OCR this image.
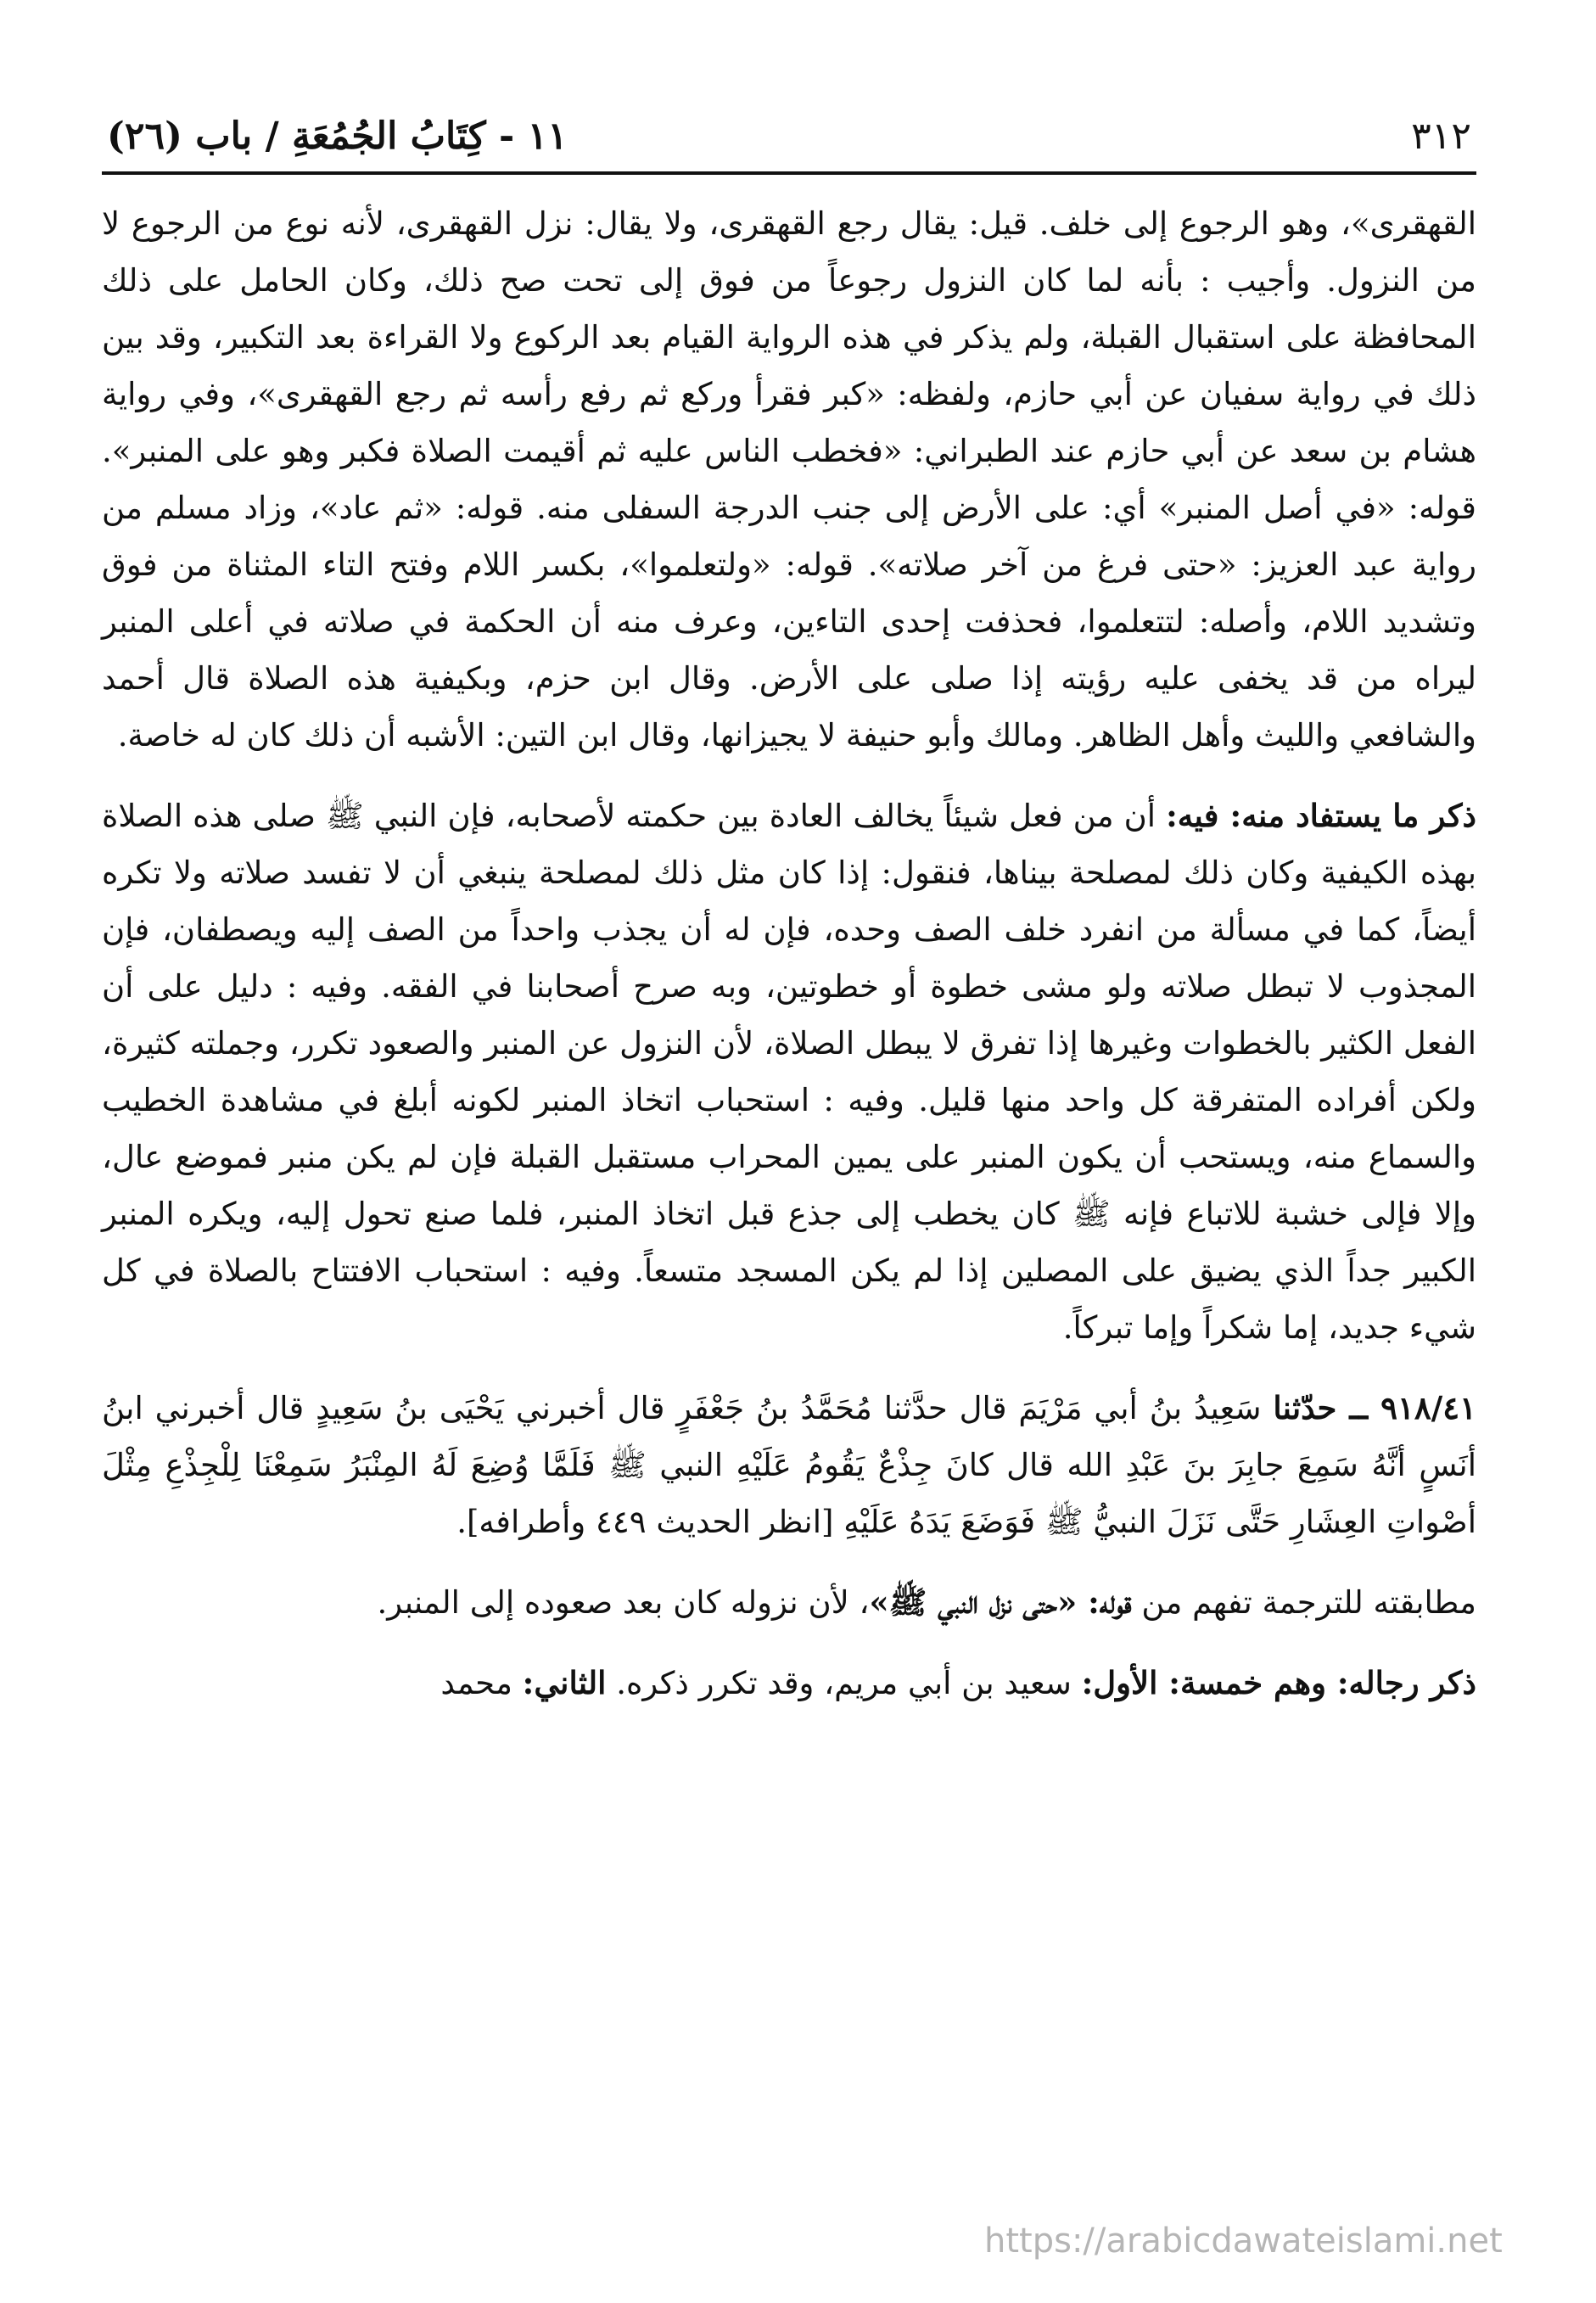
٣١٢
١١ - كِتَابُ الجُمُعَةِ / باب (٢٦)

القهقرى»، وهو الرجوع إلى خلف. قيل: يقال رجع القهقرى، ولا يقال: نزل القهقرى، لأنه نوع من الرجوع لا من النزول. وأجيب : بأنه لما كان النزول رجوعاً من فوق إلى تحت صح ذلك، وكان الحامل على ذلك المحافظة على استقبال القبلة، ولم يذكر في هذه الرواية القيام بعد الركوع ولا القراءة بعد التكبير، وقد بين ذلك في رواية سفيان عن أبي حازم، ولفظه: «كبر فقرأ وركع ثم رفع رأسه ثم رجع القهقرى»، وفي رواية هشام بن سعد عن أبي حازم عند الطبراني: «فخطب الناس عليه ثم أقيمت الصلاة فكبر وهو على المنبر». قوله: «في أصل المنبر» أي: على الأرض إلى جنب الدرجة السفلى منه. قوله: «ثم عاد»، وزاد مسلم من رواية عبد العزيز: «حتى فرغ من آخر صلاته». قوله: «ولتعلموا»، بكسر اللام وفتح التاء المثناة من فوق وتشديد اللام، وأصله: لتتعلموا، فحذفت إحدى التاءين، وعرف منه أن الحكمة في صلاته في أعلى المنبر ليراه من قد يخفى عليه رؤيته إذا صلى على الأرض. وقال ابن حزم، وبكيفية هذه الصلاة قال أحمد والشافعي والليث وأهل الظاهر. ومالك وأبو حنيفة لا يجيزانها، وقال ابن التين: الأشبه أن ذلك كان له خاصة.

ذكر ما يستفاد منه: فيه: أن من فعل شيئاً يخالف العادة بين حكمته لأصحابه، فإن النبي ﷺ صلى هذه الصلاة بهذه الكيفية وكان ذلك لمصلحة بيناها، فنقول: إذا كان مثل ذلك لمصلحة ينبغي أن لا تفسد صلاته ولا تكره أيضاً، كما في مسألة من انفرد خلف الصف وحده، فإن له أن يجذب واحداً من الصف إليه ويصطفان، فإن المجذوب لا تبطل صلاته ولو مشى خطوة أو خطوتين، وبه صرح أصحابنا في الفقه. وفيه : دليل على أن الفعل الكثير بالخطوات وغيرها إذا تفرق لا يبطل الصلاة، لأن النزول عن المنبر والصعود تكرر، وجملته كثيرة، ولكن أفراده المتفرقة كل واحد منها قليل. وفيه : استحباب اتخاذ المنبر لكونه أبلغ في مشاهدة الخطيب والسماع منه، ويستحب أن يكون المنبر على يمين المحراب مستقبل القبلة فإن لم يكن منبر فموضع عال، وإلا فإلى خشبة للاتباع فإنه ﷺ كان يخطب إلى جذع قبل اتخاذ المنبر، فلما صنع تحول إليه، ويكره المنبر الكبير جداً الذي يضيق على المصلين إذا لم يكن المسجد متسعاً. وفيه : استحباب الافتتاح بالصلاة في كل شيء جديد، إما شكراً وإما تبركاً.

٩١٨/٤١ ــ حدّثنا سَعِيدُ بنُ أبي مَرْيَمَ قال حدَّثنا مُحَمَّدُ بنُ جَعْفَرٍ قال أخبرني يَحْيَى بنُ سَعِيدٍ قال أخبرني ابنُ أنَسٍ أنَّهُ سَمِعَ جابِرَ بنَ عَبْدِ الله قال كانَ جِذْعٌ يَقُومُ عَلَيْهِ النبي ﷺ فَلَمَّا وُضِعَ لَهُ المِنْبَرُ سَمِعْنَا لِلْجِذْعِ مِثْلَ أصْواتِ العِشَارِ حَتَّى نَزَلَ النبيُّ ﷺ فَوَضَعَ يَدَهُ عَلَيْهِ [انظر الحديث ٤٤٩ وأطرافه].

مطابقته للترجمة تفهم من قوله: «حتى نزل النبي ﷺ»، لأن نزوله كان بعد صعوده إلى المنبر.

ذكر رجاله: وهم خمسة: الأول: سعيد بن أبي مريم، وقد تكرر ذكره. الثاني: محمد

https://arabicdawateislami.net
